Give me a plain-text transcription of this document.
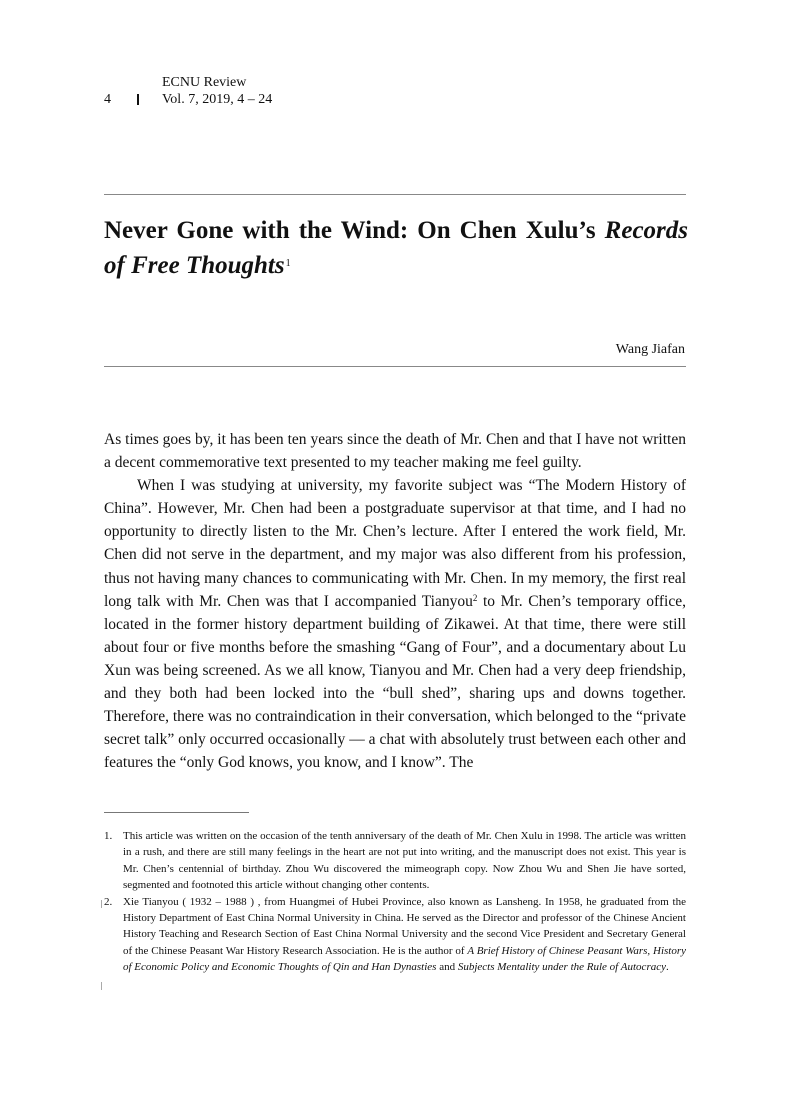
ECNU Review
4	Vol. 7, 2019, 4 – 24
Never Gone with the Wind: On Chen Xulu’s Records of Free Thoughts$^1$
Wang Jiafan

As times goes by, it has been ten years since the death of Mr. Chen and that I have not written a decent commemorative text presented to my teacher making me feel guilty.

When I was studying at university, my favorite subject was “The Modern History of China”. However, Mr. Chen had been a postgraduate supervisor at that time, and I had no opportunity to directly listen to the Mr. Chen’s lecture. After I entered the work field, Mr. Chen did not serve in the department, and my major was also different from his profession, thus not having many chances to communicating with Mr. Chen. In my memory, the first real long talk with Mr. Chen was that I accompanied Tianyou$^2$ to Mr. Chen’s temporary office, located in the former history department building of Zikawei. At that time, there were still about four or five months before the smashing “Gang of Four”, and a documentary about Lu Xun was being screened. As we all know, Tianyou and Mr. Chen had a very deep friendship, and they both had been locked into the “bull shed”, sharing ups and downs together. Therefore, there was no contraindication in their conversation, which belonged to the “private secret talk” only occurred occasionally — a chat with absolutely trust between each other and features the “only God knows, you know, and I know”. The

1. This article was written on the occasion of the tenth anniversary of the death of Mr. Chen Xulu in 1998. The article was written in a rush, and there are still many feelings in the heart are not put into writing, and the manuscript does not exist. This year is Mr. Chen’s centennial of birthday. Zhou Wu discovered the mimeograph copy. Now Zhou Wu and Shen Jie have sorted, segmented and footnoted this article without changing other contents.
2. Xie Tianyou ( 1932 – 1988 ) , from Huangmei of Hubei Province, also known as Lansheng. In 1958, he graduated from the History Department of East China Normal University in China. He served as the Director and professor of the Chinese Ancient History Teaching and Research Section of East China Normal University and the second Vice President and Secretary General of the Chinese Peasant War History Research Association. He is the author of A Brief History of Chinese Peasant Wars, History of Economic Policy and Economic Thoughts of Qin and Han Dynasties and Subjects Mentality under the Rule of Autocracy.
